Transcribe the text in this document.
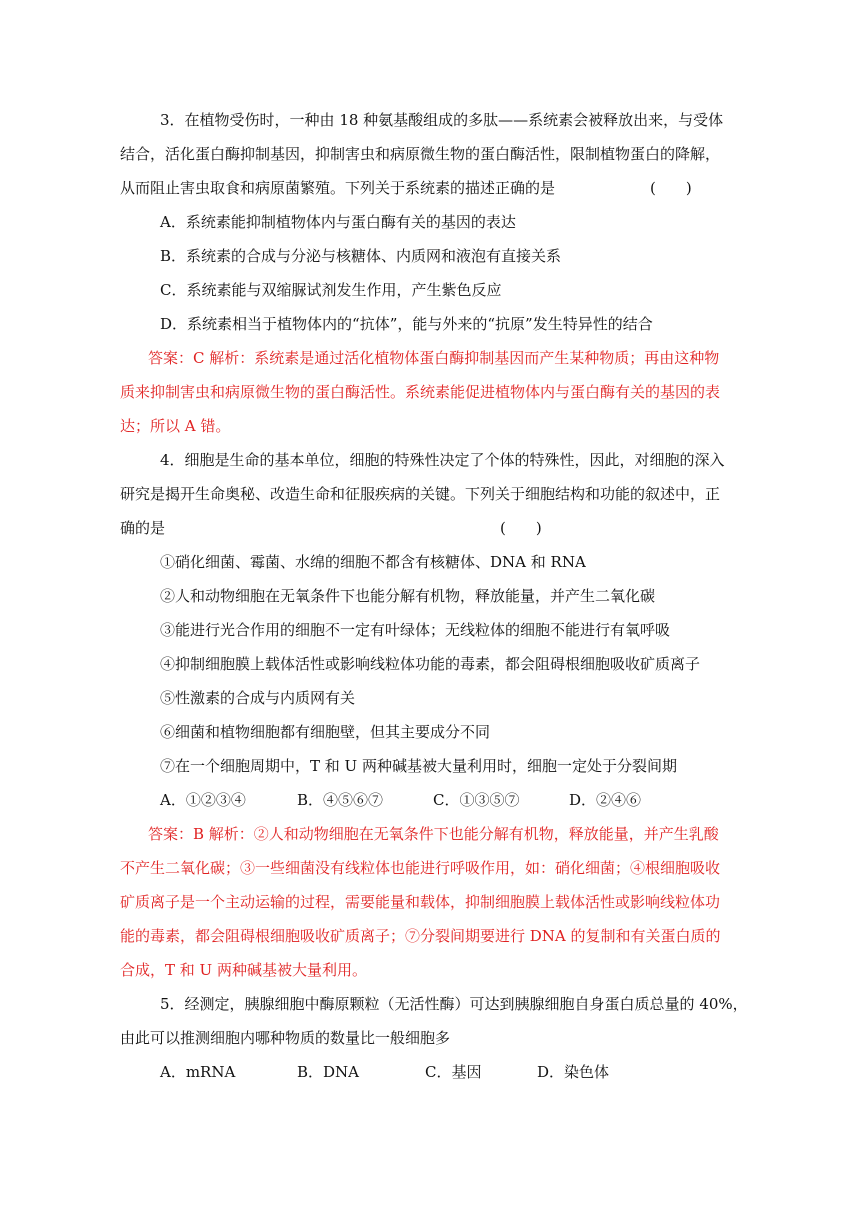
3．在植物受伤时，一种由 18 种氨基酸组成的多肽——系统素会被释放出来，与受体
结合，活化蛋白酶抑制基因，抑制害虫和病原微生物的蛋白酶活性，限制植物蛋白的降解，
从而阻止害虫取食和病原菌繁殖。下列关于系统素的描述正确的是	(　　)
A．系统素能抑制植物体内与蛋白酶有关的基因的表达
B．系统素的合成与分泌与核糖体、内质网和液泡有直接关系
C．系统素能与双缩脲试剂发生作用，产生紫色反应
D．系统素相当于植物体内的“抗体”，能与外来的“抗原”发生特异性的结合
答案：C 解析：系统素是通过活化植物体蛋白酶抑制基因而产生某种物质；再由这种物
质来抑制害虫和病原微生物的蛋白酶活性。系统素能促进植物体内与蛋白酶有关的基因的表
达；所以 A 错。
4．细胞是生命的基本单位，细胞的特殊性决定了个体的特殊性，因此，对细胞的深入
研究是揭开生命奥秘、改造生命和征服疾病的关键。下列关于细胞结构和功能的叙述中，正
确的是	(　　)
①硝化细菌、霉菌、水绵的细胞不都含有核糖体、DNA 和 RNA
②人和动物细胞在无氧条件下也能分解有机物，释放能量，并产生二氧化碳
③能进行光合作用的细胞不一定有叶绿体；无线粒体的细胞不能进行有氧呼吸
④抑制细胞膜上载体活性或影响线粒体功能的毒素，都会阻碍根细胞吸收矿质离子
⑤性激素的合成与内质网有关
⑥细菌和植物细胞都有细胞壁，但其主要成分不同
⑦在一个细胞周期中，T 和 U 两种碱基被大量利用时，细胞一定处于分裂间期
A．①②③④	B．④⑤⑥⑦	C．①③⑤⑦	D．②④⑥
答案：B 解析：②人和动物细胞在无氧条件下也能分解有机物，释放能量，并产生乳酸
不产生二氧化碳；③一些细菌没有线粒体也能进行呼吸作用，如：硝化细菌；④根细胞吸收
矿质离子是一个主动运输的过程，需要能量和载体，抑制细胞膜上载体活性或影响线粒体功
能的毒素，都会阻碍根细胞吸收矿质离子；⑦分裂间期要进行 DNA 的复制和有关蛋白质的
合成，T 和 U 两种碱基被大量利用。
5．经测定，胰腺细胞中酶原颗粒（无活性酶）可达到胰腺细胞自身蛋白质总量的 40%，
由此可以推测细胞内哪种物质的数量比一般细胞多
A．mRNA	B．DNA	C．基因	D．染色体
